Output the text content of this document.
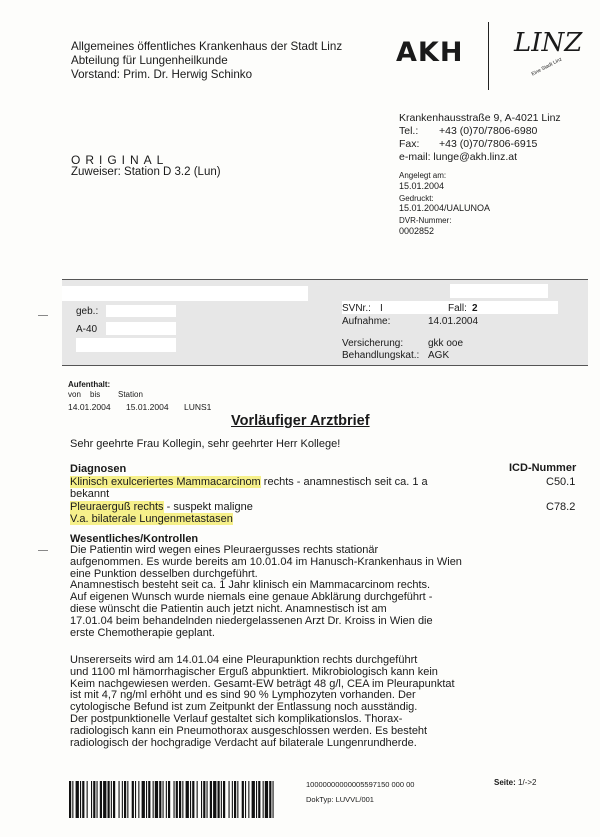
Allgemeines öffentliches Krankenhaus der Stadt Linz
Abteilung für Lungenheilkunde
Vorstand: Prim. Dr. Herwig Schinko
AKH LINZ
Eine Stadt Linz
Krankenhausstraße 9, A-4021 Linz
Tel.:	+43 (0)70/7806-6980
Fax:	+43 (0)70/7806-6915
e-mail: lunge@akh.linz.at
ORIGINAL
Zuweiser: Station D 3.2 (Lun)	Angelegt am:
15.01.2004
Gedruckt:
15.01.2004/UALUNOA
DVR-Nummer:
0002852
geb.:
A-40
SVNr.: I	Fall: 2
Aufnahme:	14.01.2004
Versicherung: gkk ooe
Behandlungskat.: AGK
Aufenthalt:
von	bis	Station
14.01.2004	15.01.2004	LUNS1
Vorläufiger Arztbrief
Sehr geehrte Frau Kollegin, sehr geehrter Herr Kollege!
Diagnosen	ICD-Nummer
Klinisch exulceriertes Mammacarcinom rechts - anamnestisch seit ca. 1 a	C50.1
bekannt
Pleuraerguß rechts - suspekt maligne	C78.2
V.a. bilaterale Lungenmetastasen
Wesentliches/Kontrollen
Die Patientin wird wegen eines Pleuraergusses rechts stationär
aufgenommen. Es wurde bereits am 10.01.04 im Hanusch-Krankenhaus in Wien
eine Punktion desselben durchgeführt.
Anamnestisch besteht seit ca. 1 Jahr klinisch ein Mammacarcinom rechts.
Auf eigenen Wunsch wurde niemals eine genaue Abklärung durchgeführt -
diese wünscht die Patientin auch jetzt nicht. Anamnestisch ist am
17.01.04 beim behandelnden niedergelassenen Arzt Dr. Kroiss in Wien die
erste Chemotherapie geplant.
Unsererseits wird am 14.01.04 eine Pleurapunktion rechts durchgeführt
und 1100 ml hämorrhagischer Erguß abpunktiert. Mikrobiologisch kann kein
Keim nachgewiesen werden. Gesamt-EW beträgt 48 g/l, CEA im Pleurapunktat
ist mit 4,7 ng/ml erhöht und es sind 90 % Lymphozyten vorhanden. Der
cytologische Befund ist zum Zeitpunkt der Entlassung noch ausständig.
Der postpunktionelle Verlauf gestaltet sich komplikationslos. Thorax-
radiologisch kann ein Pneumothorax ausgeschlossen werden. Es besteht
radiologisch der hochgradige Verdacht auf bilaterale Lungenrundherde.
10000000000005597150 000 00
DokTyp: LUVVL/001
Seite: 1/->2
